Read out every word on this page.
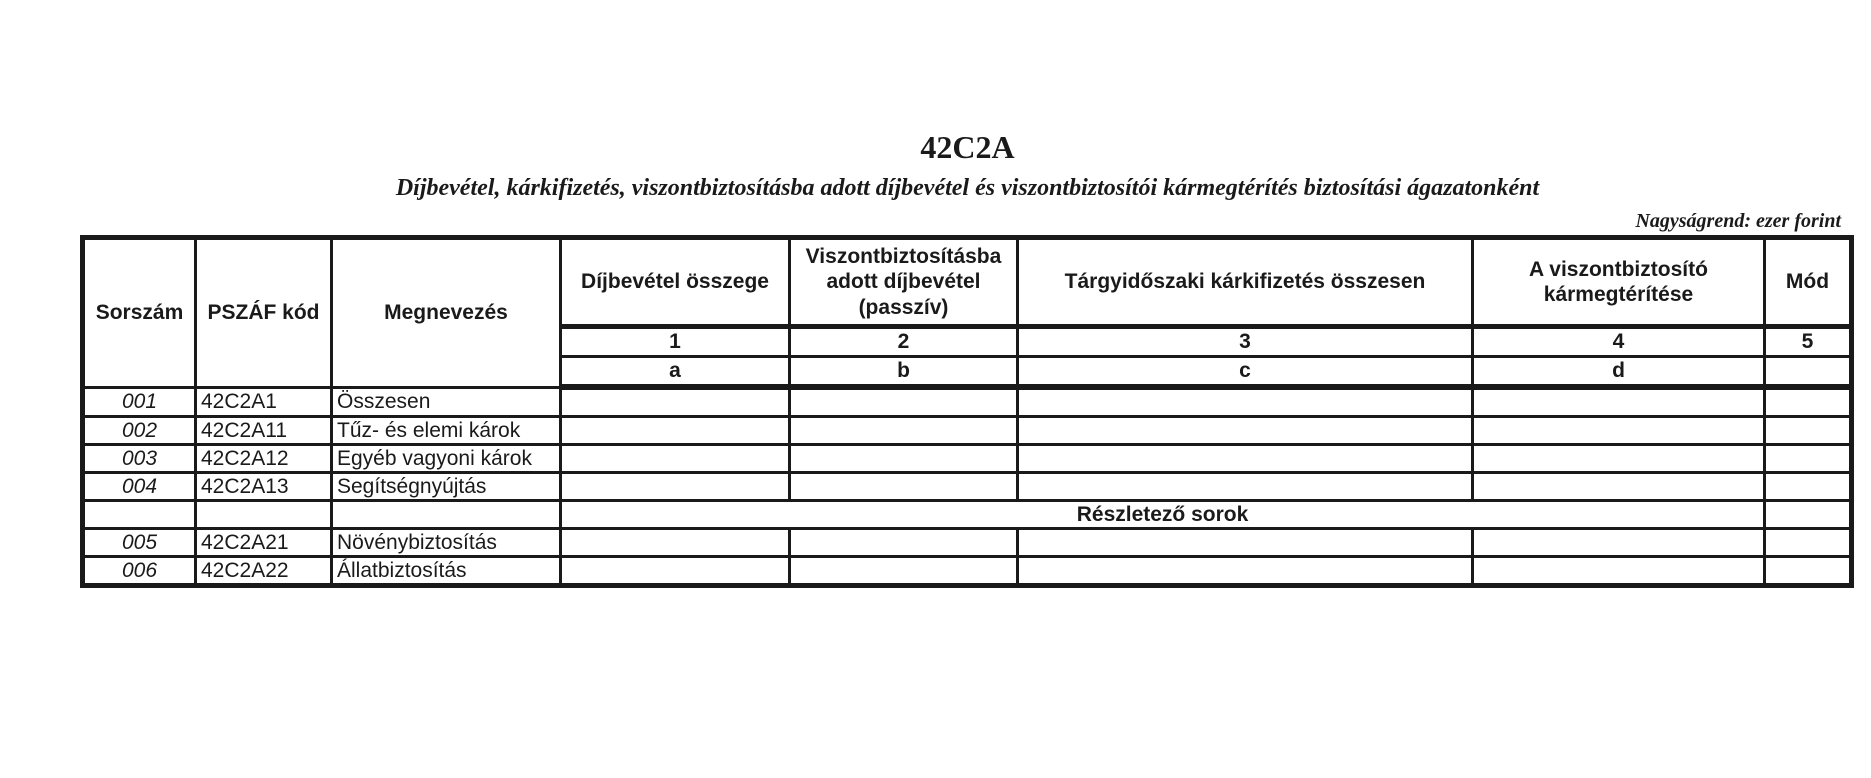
42C2A
Díjbevétel, kárkifizetés, viszontbiztosításba adott díjbevétel és viszontbiztosítói kármegtérítés biztosítási ágazatonként
Nagyságrend: ezer forint
Sorszám	PSZÁF kód	Megnevezés	Díjbevétel összege	Viszontbiztosításba adott díjbevétel (passzív)	Tárgyidőszaki kárkifizetés összesen	A viszontbiztosító kármegtérítése	Mód
			1	2	3	4	5
			a	b	c	d	
001	42C2A1	Összesen					
002	42C2A11	Tűz- és elemi károk					
003	42C2A12	Egyéb vagyoni károk					
004	42C2A13	Segítségnyújtás					
			Részletező sorok				
005	42C2A21	Növénybiztosítás					
006	42C2A22	Állatbiztosítás					
